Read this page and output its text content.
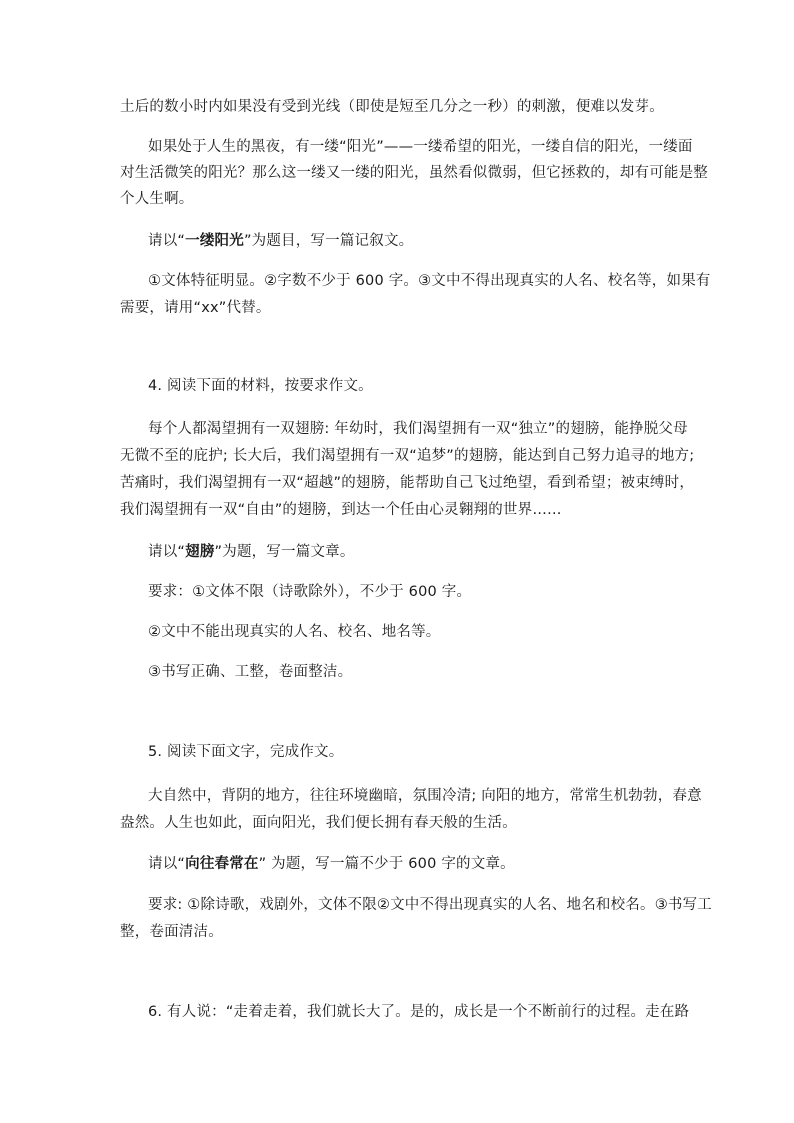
土后的数小时内如果没有受到光线（即使是短至几分之一秒）的刺激，便难以发芽。
如果处于人生的黑夜，有一缕“阳光”——一缕希望的阳光，一缕自信的阳光，一缕面
对生活微笑的阳光？那么这一缕又一缕的阳光，虽然看似微弱，但它拯救的，却有可能是整
个人生啊。
请以“一缕阳光”为题目，写一篇记叙文。
①文体特征明显。②字数不少于 600 字。③文中不得出现真实的人名、校名等，如果有
需要，请用“xx”代替。
4. 阅读下面的材料，按要求作文。
每个人都渴望拥有一双翅膀: 年幼时，我们渴望拥有一双“独立”的翅膀，能挣脱父母
无微不至的庇护; 长大后，我们渴望拥有一双“追梦”的翅膀，能达到自己努力追寻的地方;
苦痛时，我们渴望拥有一双“超越”的翅膀，能帮助自己飞过绝望，看到希望；被束缚时，
我们渴望拥有一双“自由”的翅膀，到达一个任由心灵翱翔的世界……
请以“翅膀”为题，写一篇文章。
要求：①文体不限（诗歌除外），不少于 600 字。
②文中不能出现真实的人名、校名、地名等。
③书写正确、工整，卷面整洁。
5. 阅读下面文字，完成作文。
大自然中，背阴的地方，往往环境幽暗，氛围冷清; 向阳的地方，常常生机勃勃，春意
盎然。人生也如此，面向阳光，我们便长拥有春天般的生活。
请以“向往春常在” 为题，写一篇不少于 600 字的文章。
要求: ①除诗歌，戏剧外，文体不限②文中不得出现真实的人名、地名和校名。③书写工
整，卷面清洁。
6. 有人说：“走着走着，我们就长大了。是的，成长是一个不断前行的过程。走在路
